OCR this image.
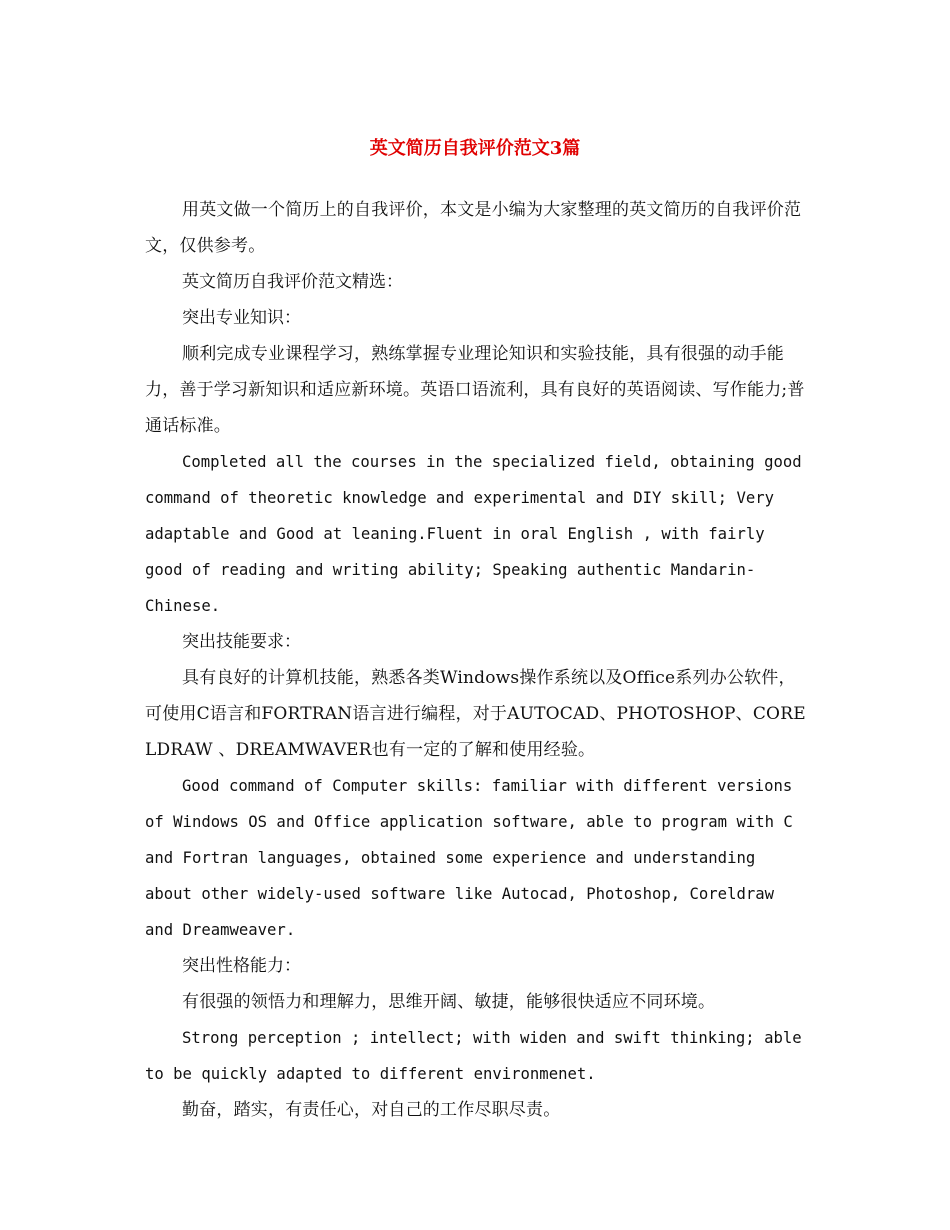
英文简历自我评价范文3篇

用英文做一个简历上的自我评价，本文是小编为大家整理的英文简历的自我评价范文，仅供参考。

英文简历自我评价范文精选：

突出专业知识：

顺利完成专业课程学习，熟练掌握专业理论知识和实验技能，具有很强的动手能力，善于学习新知识和适应新环境。英语口语流利，具有良好的英语阅读、写作能力;普通话标准。

Completed all the courses in the specialized field, obtaining good command of theoretic knowledge and experimental and DIY skill; Very adaptable and Good at leaning.Fluent in oral English , with fairly good of reading and writing ability; Speaking authentic Mandarin-Chinese.

突出技能要求：

具有良好的计算机技能，熟悉各类Windows操作系统以及Office系列办公软件，可使用C语言和FORTRAN语言进行编程，对于AUTOCAD、PHOTOSHOP、CORELDRAW 、DREAMWAVER也有一定的了解和使用经验。

Good command of Computer skills: familiar with different versions of Windows OS and Office application software, able to program with C and Fortran languages, obtained some experience and understanding about other widely-used software like Autocad, Photoshop, Coreldraw and Dreamweaver.

突出性格能力：

有很强的领悟力和理解力，思维开阔、敏捷，能够很快适应不同环境。

Strong perception ; intellect; with widen and swift thinking; able to be quickly adapted to different environmenet.

勤奋，踏实，有责任心，对自己的工作尽职尽责。
